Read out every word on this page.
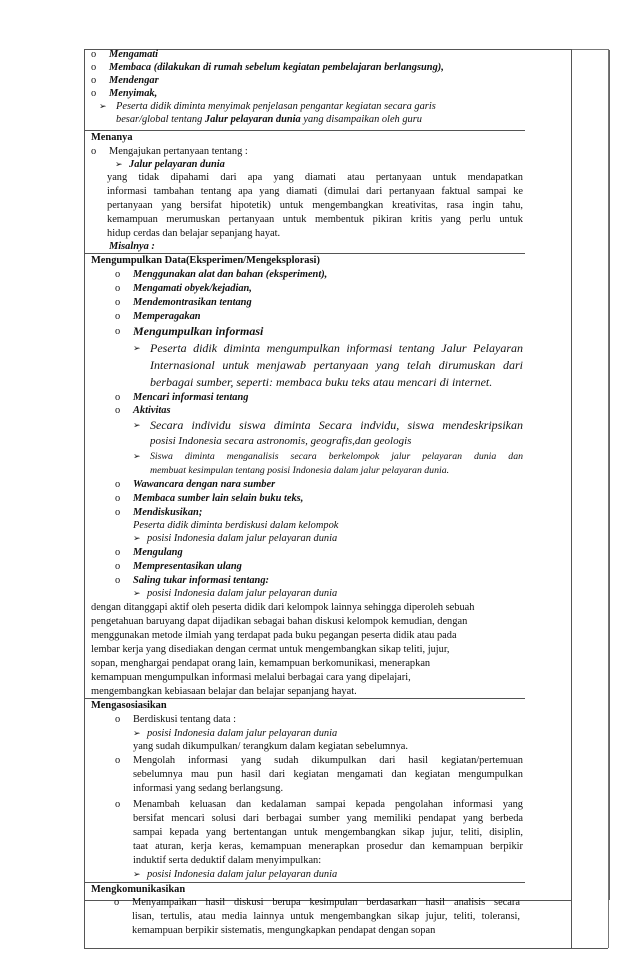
o Mengamati
o Membaca (dilakukan di rumah sebelum kegiatan pembelajaran berlangsung),
o Mendengar
o Menyimak,
➢ Peserta didik diminta menyimak penjelasan pengantar kegiatan secara garis
besar/global tentang Jalur pelayaran dunia yang disampaikan oleh guru
Menanya
o Mengajukan pertanyaan tentang :
➢ Jalur pelayaran dunia
yang tidak dipahami dari apa yang diamati atau pertanyaan untuk mendapatkan
informasi tambahan tentang apa yang diamati (dimulai dari pertanyaan faktual sampai ke
pertanyaan yang bersifat hipotetik) untuk mengembangkan kreativitas, rasa ingin tahu,
kemampuan merumuskan pertanyaan untuk membentuk pikiran kritis yang perlu untuk
hidup cerdas dan belajar sepanjang hayat.
Misalnya :
Mengumpulkan Data(Eksperimen/Mengeksplorasi)
o Menggunakan alat dan bahan (eksperiment),
o Mengamati obyek/kejadian,
o Mendemontrasikan tentang
o Memperagakan
o Mengumpulkan informasi
➢ Peserta didik diminta mengumpulkan informasi tentang Jalur Pelayaran
Internasional untuk menjawab pertanyaan yang telah dirumuskan dari
berbagai sumber, seperti: membaca buku teks atau mencari di internet.
o Mencari informasi tentang
o Aktivitas
➢ Secara individu siswa diminta Secara indvidu, siswa mendeskripsikan
posisi Indonesia secara astronomis, geografis,dan geologis
➢ Siswa diminta menganalisis secara berkelompok jalur pelayaran dunia dan
membuat kesimpulan tentang posisi Indonesia dalam jalur pelayaran dunia.
o Wawancara dengan nara sumber
o Membaca sumber lain selain buku teks,
o Mendiskusikan;
Peserta didik diminta berdiskusi dalam kelompok
➢ posisi Indonesia dalam jalur pelayaran dunia
o Mengulang
o Mempresentasikan ulang
o Saling tukar informasi tentang:
➢ posisi Indonesia dalam jalur pelayaran dunia
dengan ditanggapi aktif oleh peserta didik dari kelompok lainnya sehingga diperoleh sebuah
pengetahuan baruyang dapat dijadikan sebagai bahan diskusi kelompok kemudian, dengan
menggunakan metode ilmiah yang terdapat pada buku pegangan peserta didik atau pada
lembar kerja yang disediakan dengan cermat untuk mengembangkan sikap teliti, jujur,
sopan, menghargai pendapat orang lain, kemampuan berkomunikasi, menerapkan
kemampuan mengumpulkan informasi melalui berbagai cara yang dipelajari,
mengembangkan kebiasaan belajar dan belajar sepanjang hayat.
Mengasosiasikan
o Berdiskusi tentang data :
➢ posisi Indonesia dalam jalur pelayaran dunia
yang sudah dikumpulkan/ terangkum dalam kegiatan sebelumnya.
o Mengolah informasi yang sudah dikumpulkan dari hasil kegiatan/pertemuan
sebelumnya mau pun hasil dari kegiatan mengamati dan kegiatan mengumpulkan
informasi yang sedang berlangsung.
o Menambah keluasan dan kedalaman sampai kepada pengolahan informasi yang
bersifat mencari solusi dari berbagai sumber yang memiliki pendapat yang berbeda
sampai kepada yang bertentangan untuk mengembangkan sikap jujur, teliti, disiplin,
taat aturan, kerja keras, kemampuan menerapkan prosedur dan kemampuan berpikir
induktif serta deduktif dalam menyimpulkan:
➢ posisi Indonesia dalam jalur pelayaran dunia
Mengkomunikasikan
o Menyampaikan hasil diskusi berupa kesimpulan berdasarkan hasil analisis secara
lisan, tertulis, atau media lainnya untuk mengembangkan sikap jujur, teliti, toleransi,
kemampuan berpikir sistematis, mengungkapkan pendapat dengan sopan
